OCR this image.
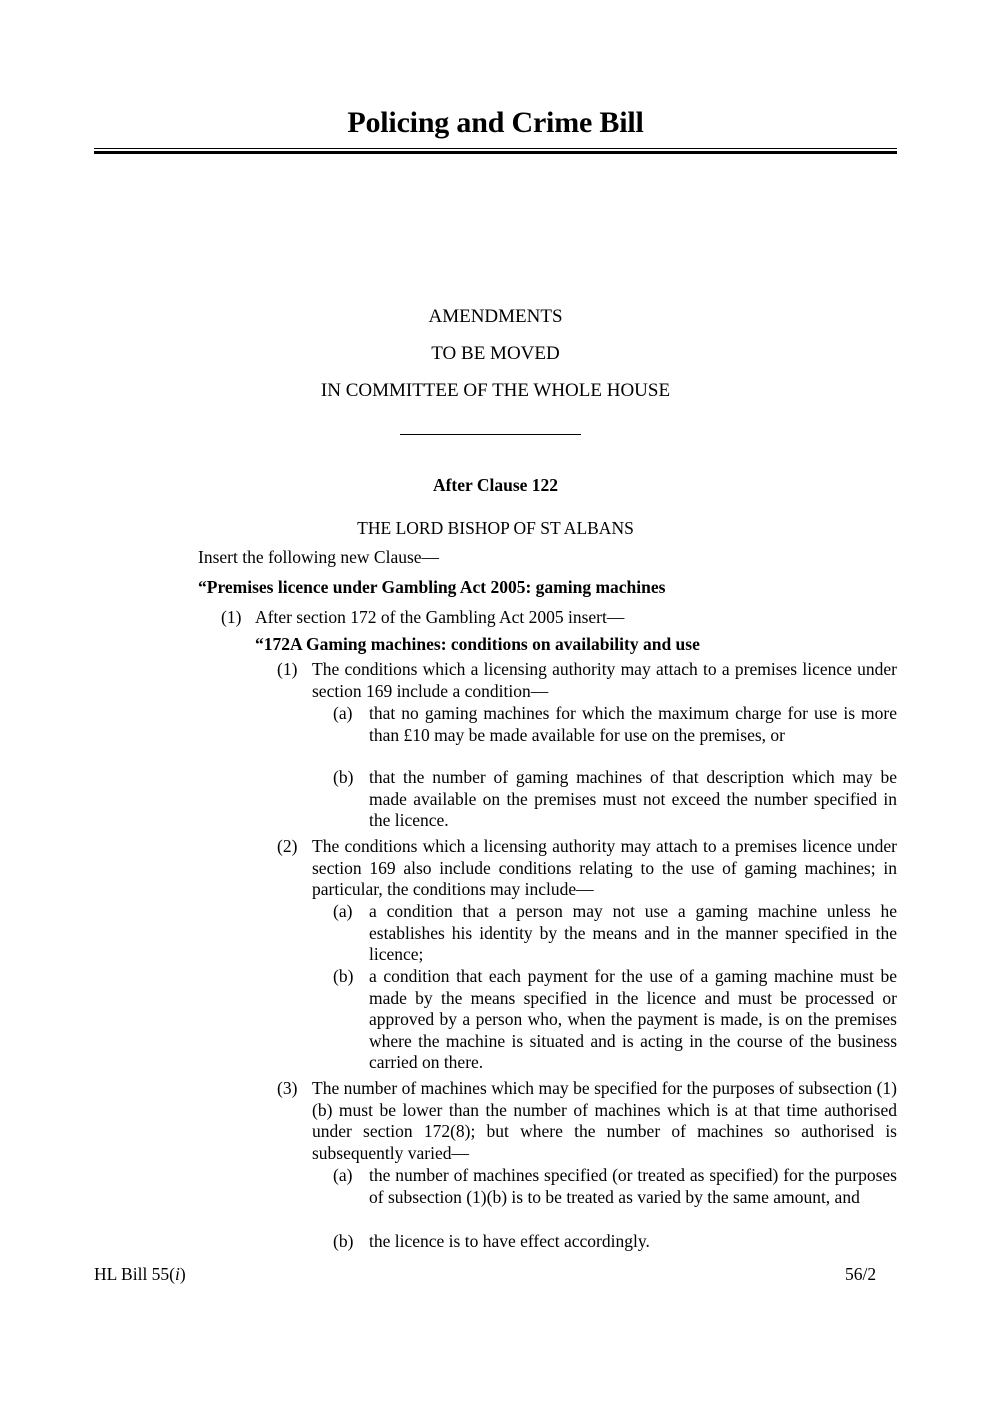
Policing and Crime Bill
AMENDMENTS
TO BE MOVED
IN COMMITTEE OF THE WHOLE HOUSE
After Clause 122
THE LORD BISHOP OF ST ALBANS
Insert the following new Clause—
“Premises licence under Gambling Act 2005: gaming machines
(1) After section 172 of the Gambling Act 2005 insert—
“172A Gaming machines: conditions on availability and use
(1) The conditions which a licensing authority may attach to a premises licence under section 169 include a condition—
(a) that no gaming machines for which the maximum charge for use is more than £10 may be made available for use on the premises, or
(b) that the number of gaming machines of that description which may be made available on the premises must not exceed the number specified in the licence.
(2) The conditions which a licensing authority may attach to a premises licence under section 169 also include conditions relating to the use of gaming machines; in particular, the conditions may include—
(a) a condition that a person may not use a gaming machine unless he establishes his identity by the means and in the manner specified in the licence;
(b) a condition that each payment for the use of a gaming machine must be made by the means specified in the licence and must be processed or approved by a person who, when the payment is made, is on the premises where the machine is situated and is acting in the course of the business carried on there.
(3) The number of machines which may be specified for the purposes of subsection (1)(b) must be lower than the number of machines which is at that time authorised under section 172(8); but where the number of machines so authorised is subsequently varied—
(a) the number of machines specified (or treated as specified) for the purposes of subsection (1)(b) is to be treated as varied by the same amount, and
(b) the licence is to have effect accordingly.
HL Bill 55(i)	56/2
